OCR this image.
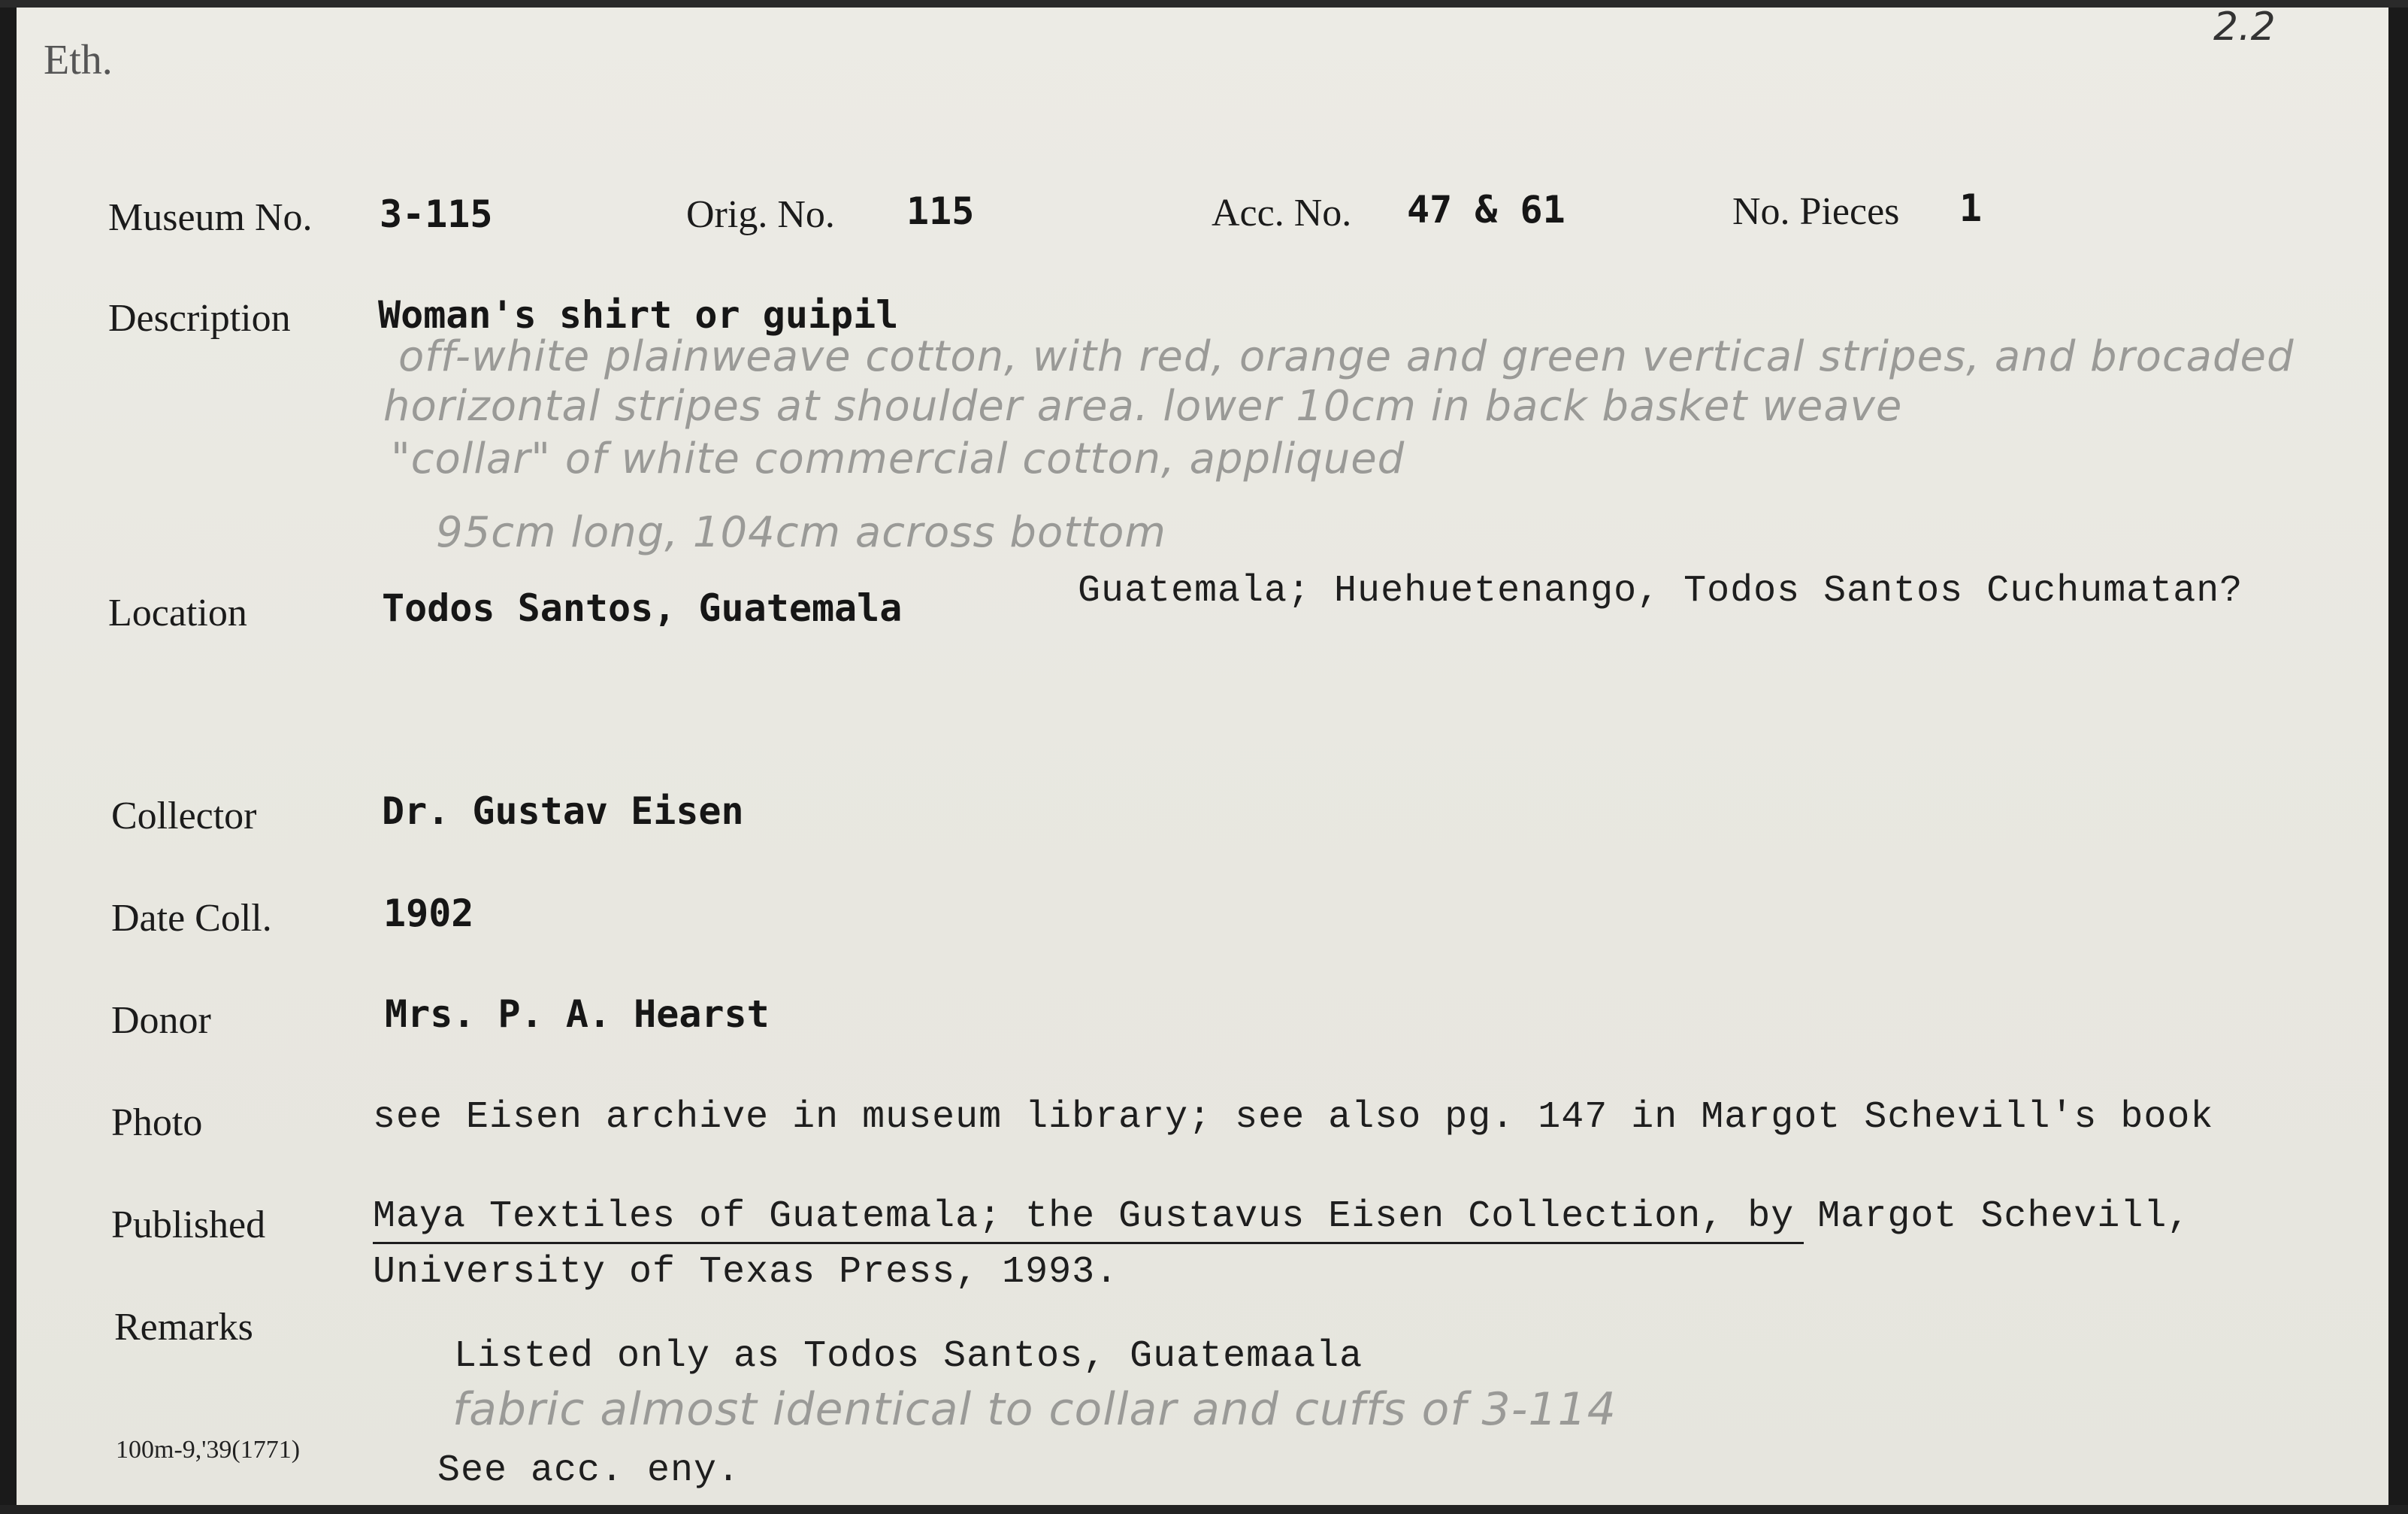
Eth.
2.2
Museum No. 3-115	Orig. No. 115	Acc. No. 47 & 61	No. Pieces 1
Description Woman's shirt or guipil
off-white plainweave cotton, with red, orange and green vertical stripes, and brocaded
horizontal stripes at shoulder area. lower 10cm in back basket weave
"collar" of white commercial cotton, appliqued
95cm long, 104cm across bottom
Location	Todos Santos, Guatemala	Guatemala; Huehuetenango, Todos Santos Cuchumatan?
Collector	Dr. Gustav Eisen
Date Coll.	1902
Donor	Mrs. P. A. Hearst
Photo	see Eisen archive in museum library; see also pg. 147 in Margot Schevill's book
Published	Maya Textiles of Guatemala; the Gustavus Eisen Collection, by Margot Schevill,
University of Texas Press, 1993.
Remarks
Listed only as Todos Santos, Guatemaala
fabric almost identical to collar and cuffs of 3-114
See acc. eny.
100m-9,'39(1771)
